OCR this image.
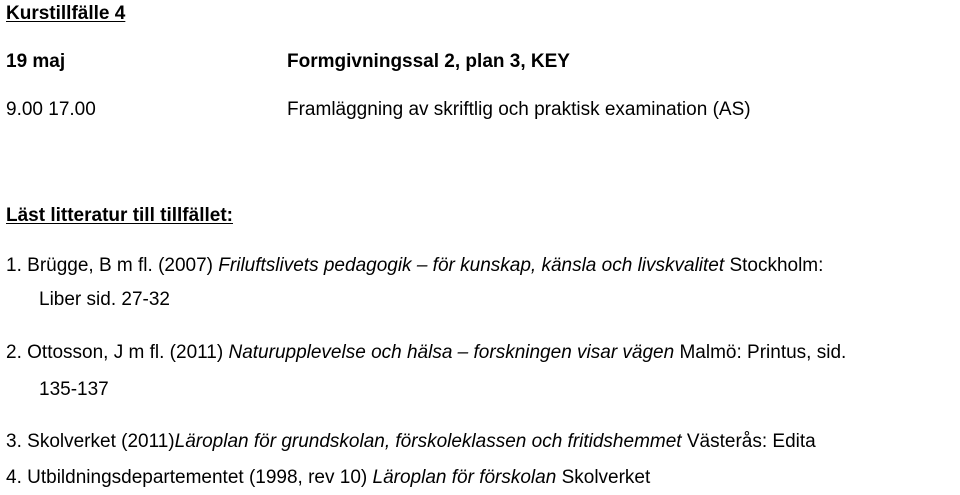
Kurstillfälle 4
19 maj	Formgivningssal 2, plan 3, KEY
9.00 17.00	Framläggning av skriftlig och praktisk examination (AS)
Läst litteratur till tillfället:
1. Brügge, B m fl. (2007) Friluftslivets pedagogik – för kunskap, känsla och livskvalitet Stockholm:
Liber sid. 27-32
2. Ottosson, J m fl. (2011) Naturupplevelse och hälsa – forskningen visar vägen Malmö: Printus, sid.
135-137
3. Skolverket (2011)Läroplan för grundskolan, förskoleklassen och fritidshemmet Västerås: Edita
4. Utbildningsdepartementet (1998, rev 10) Läroplan för förskolan Skolverket
